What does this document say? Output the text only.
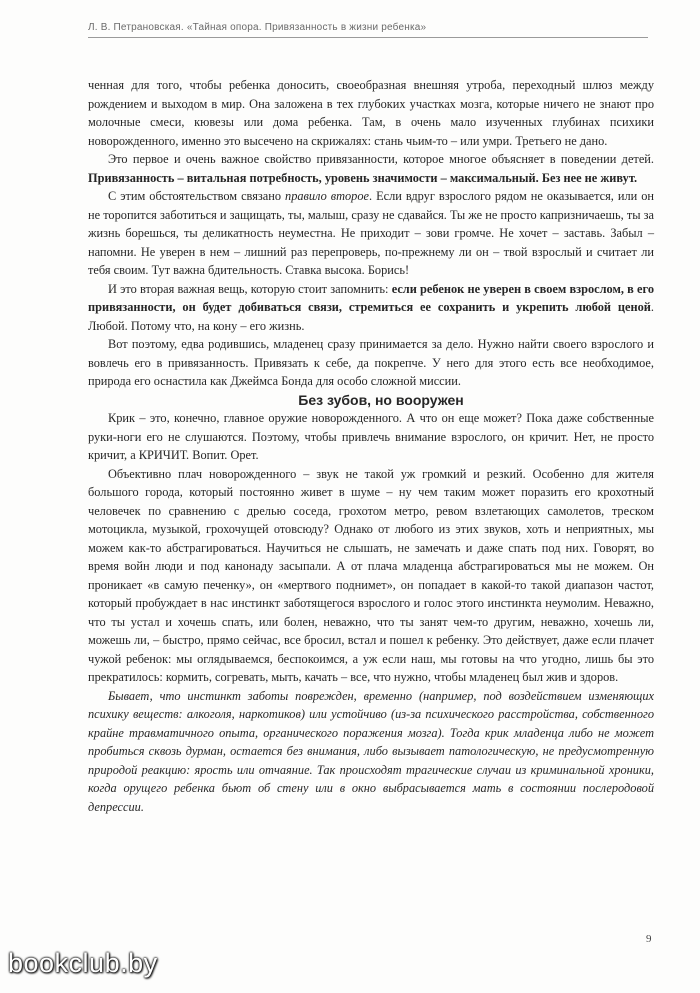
Л. В. Петрановская. «Тайная опора. Привязанность в жизни ребенка»

ченная для того, чтобы ребенка доносить, своеобразная внешняя утроба, переходный шлюз между рождением и выходом в мир. Она заложена в тех глубоких участках мозга, которые ничего не знают про молочные смеси, кювезы или дома ребенка. Там, в очень мало изученных глубинах психики новорожденного, именно это высечено на скрижалях: стань чьим-то – или умри. Третьего не дано.

Это первое и очень важное свойство привязанности, которое многое объясняет в поведении детей. Привязанность – витальная потребность, уровень значимости – максимальный. Без нее не живут.

С этим обстоятельством связано правило второе. Если вдруг взрослого рядом не оказывается, или он не торопится заботиться и защищать, ты, малыш, сразу не сдавайся. Ты же не просто капризничаешь, ты за жизнь борешься, ты деликатность неуместна. Не приходит – зови громче. Не хочет – заставь. Забыл – напомни. Не уверен в нем – лишний раз перепроверь, по-прежнему ли он – твой взрослый и считает ли тебя своим. Тут важна бдительность. Ставка высока. Борись!

И это вторая важная вещь, которую стоит запомнить: если ребенок не уверен в своем взрослом, в его привязанности, он будет добиваться связи, стремиться ее сохранить и укрепить любой ценой. Любой. Потому что, на кону – его жизнь.

Вот поэтому, едва родившись, младенец сразу принимается за дело. Нужно найти своего взрослого и вовлечь его в привязанность. Привязать к себе, да покрепче. У него для этого есть все необходимое, природа его оснастила как Джеймса Бонда для особо сложной миссии.

Без зубов, но вооружен

Крик – это, конечно, главное оружие новорожденного. А что он еще может? Пока даже собственные руки-ноги его не слушаются. Поэтому, чтобы привлечь внимание взрослого, он кричит. Нет, не просто кричит, а КРИЧИТ. Вопит. Орет.

Объективно плач новорожденного – звук не такой уж громкий и резкий. Особенно для жителя большого города, который постоянно живет в шуме – ну чем таким может поразить его крохотный человечек по сравнению с дрелью соседа, грохотом метро, ревом взлетающих самолетов, треском мотоцикла, музыкой, грохочущей отовсюду? Однако от любого из этих звуков, хоть и неприятных, мы можем как-то абстрагироваться. Научиться не слышать, не замечать и даже спать под них. Говорят, во время войн люди и под канонаду засыпали. А от плача младенца абстрагироваться мы не можем. Он проникает «в самую печенку», он «мертвого поднимет», он попадает в какой-то такой диапазон частот, который пробуждает в нас инстинкт заботящегося взрослого и голос этого инстинкта неумолим. Неважно, что ты устал и хочешь спать, или болен, неважно, что ты занят чем-то другим, неважно, хочешь ли, можешь ли, – быстро, прямо сейчас, все бросил, встал и пошел к ребенку. Это действует, даже если плачет чужой ребенок: мы оглядываемся, беспокоимся, а уж если наш, мы готовы на что угодно, лишь бы это прекратилось: кормить, согревать, мыть, качать – все, что нужно, чтобы младенец был жив и здоров.

Бывает, что инстинкт заботы поврежден, временно (например, под воздействием изменяющих психику веществ: алкоголя, наркотиков) или устойчиво (из-за психического расстройства, собственного крайне травматичного опыта, органического поражения мозга). Тогда крик младенца либо не может пробиться сквозь дурман, остается без внимания, либо вызывает патологическую, не предусмотренную природой реакцию: ярость или отчаяние. Так происходят трагические случаи из криминальной хроники, когда орущего ребенка бьют об стену или в окно выбрасывается мать в состоянии послеродовой депрессии.

9
bookclub.by
